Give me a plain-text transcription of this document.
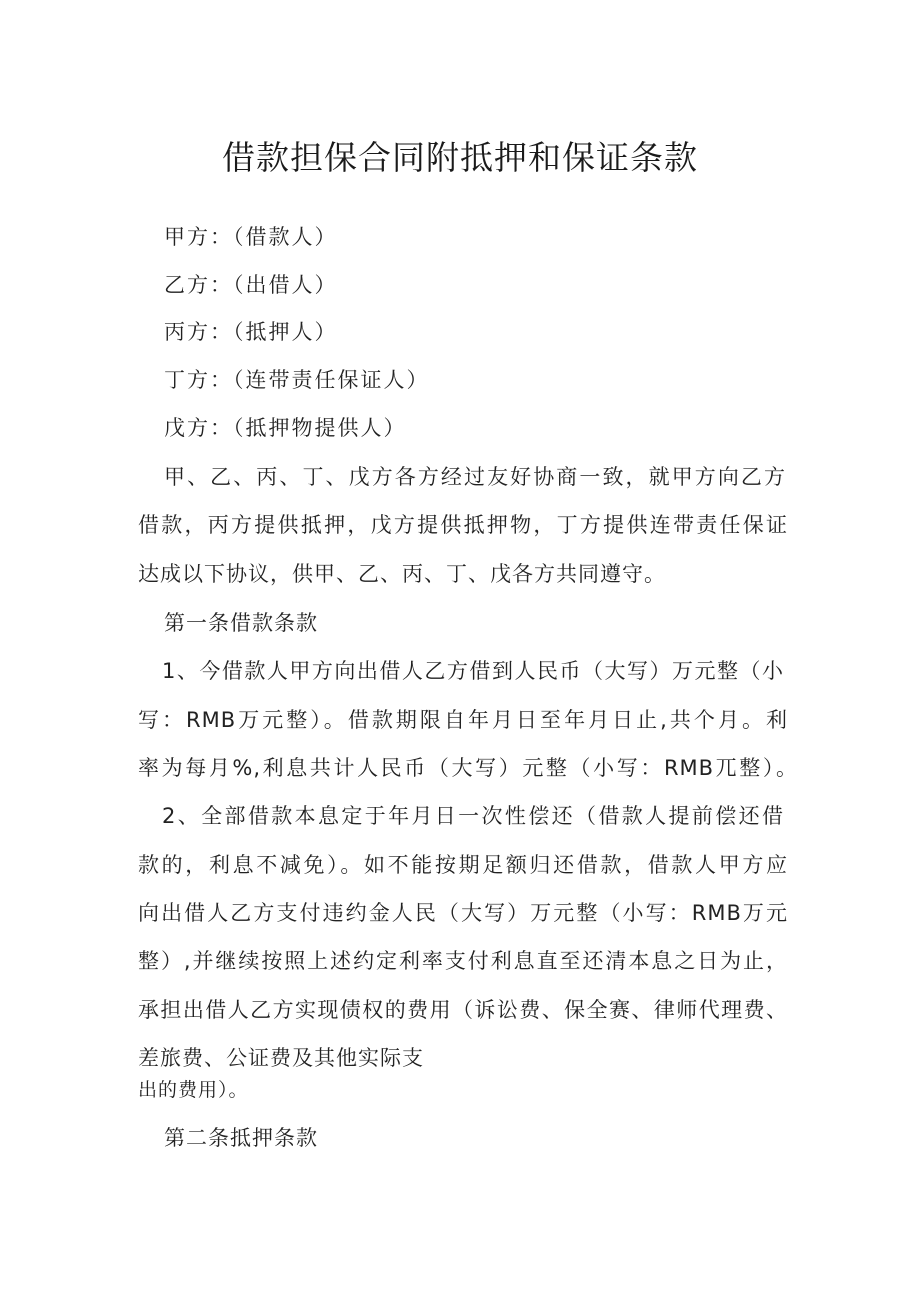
借款担保合同附抵押和保证条款
甲方：（借款人）
乙方：（出借人）
丙方：（抵押人）
丁方：（连带责任保证人）
戊方：（抵押物提供人）
甲、乙、丙、丁、戊方各方经过友好协商一致，就甲方向乙方
借款，丙方提供抵押，戊方提供抵押物，丁方提供连带责任保证
达成以下协议，供甲、乙、丙、丁、戊各方共同遵守。
第一条借款条款
1、今借款人甲方向出借人乙方借到人民币（大写）万元整（小
写：RMB万元整）。借款期限自年月日至年月日止,共个月。利
率为每月%,利息共计人民币（大写）元整（小写：RMB兀整）。
2、全部借款本息定于年月日一次性偿还（借款人提前偿还借
款的，利息不减免）。如不能按期足额归还借款，借款人甲方应
向出借人乙方支付违约金人民（大写）万元整（小写：RMB万元
整）,并继续按照上述约定利率支付利息直至还清本息之日为止，
承担出借人乙方实现债权的费用（诉讼费、保全赛、律师代理费、
差旅费、公证费及其他实际支
出的费用）。
第二条抵押条款
